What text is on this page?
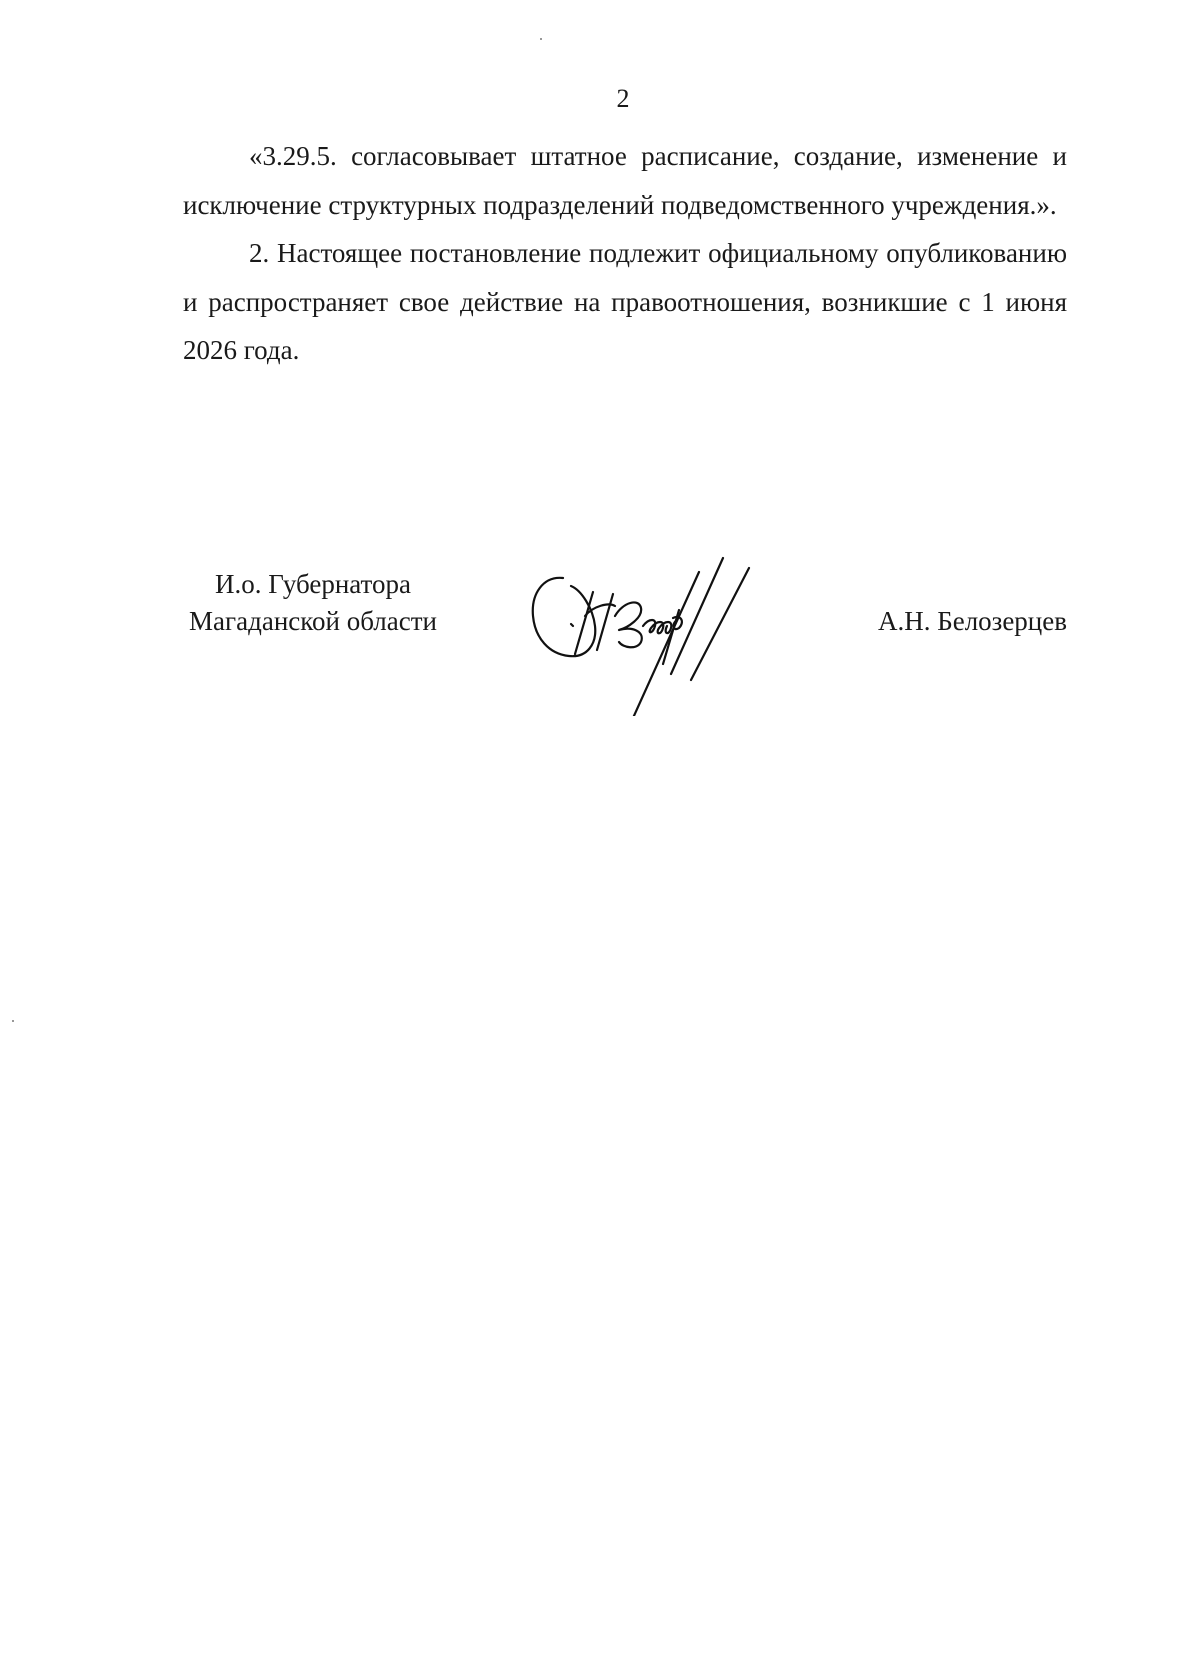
2

«3.29.5. согласовывает штатное расписание, создание, изменение и исключение структурных подразделений подведомственного учреждения.».

2. Настоящее постановление подлежит официальному опубликованию и распространяет свое действие на правоотношения, возникшие с 1 июня 2026 года.

И.о. Губернатора
Магаданской области	А.Н. Белозерцев
